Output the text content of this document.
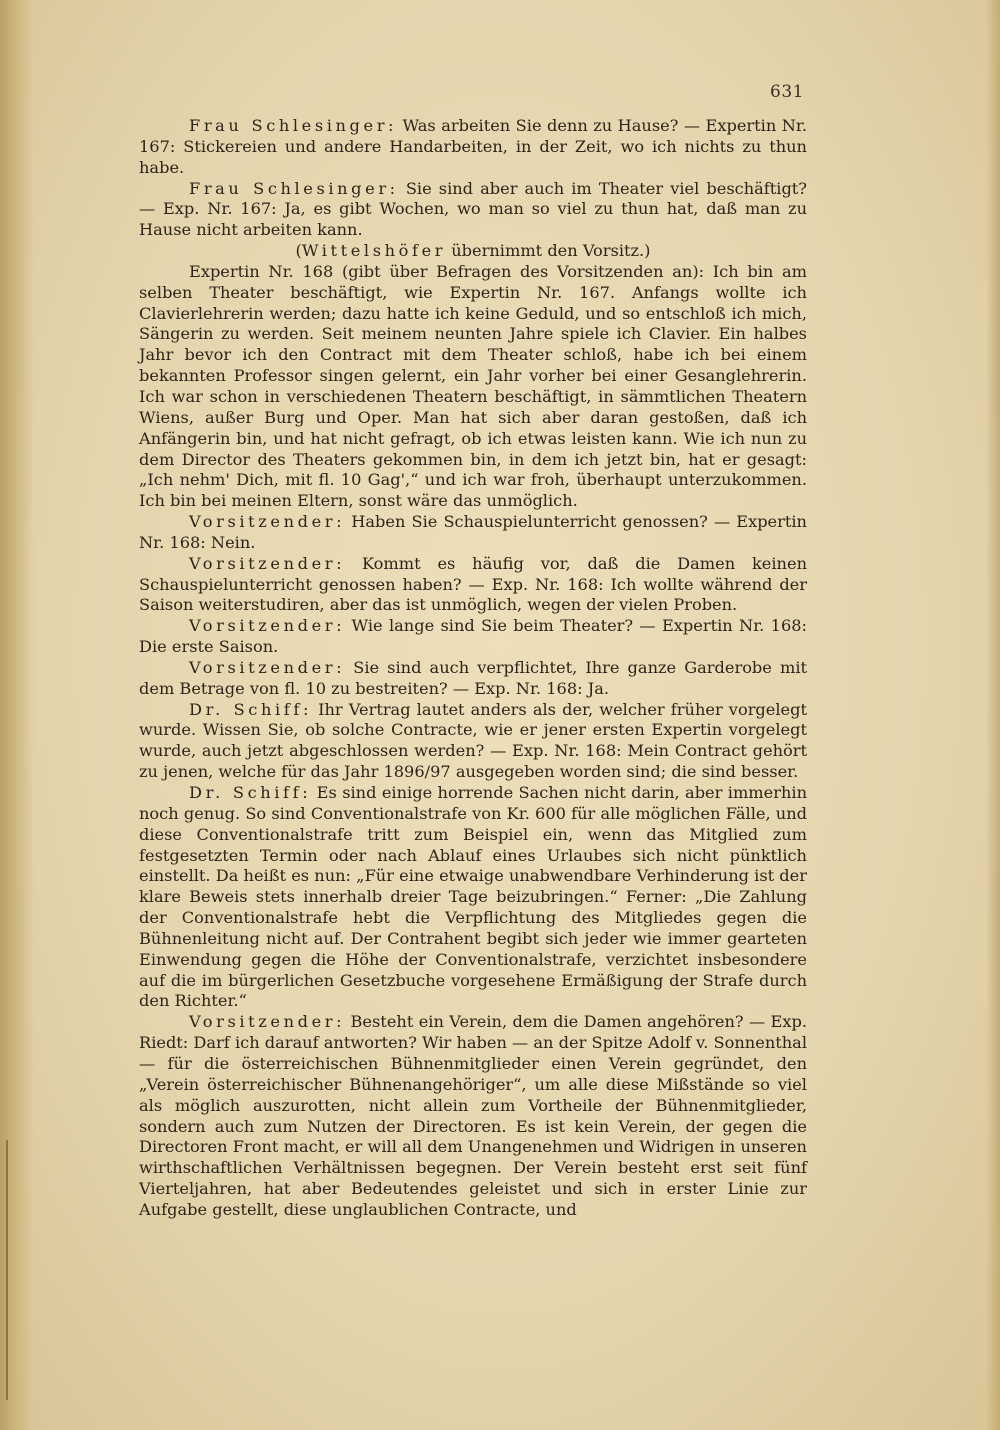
631

Frau Schlesinger: Was arbeiten Sie denn zu Hause? — Expertin Nr. 167: Stickereien und andere Handarbeiten, in der Zeit, wo ich nichts zu thun habe.

Frau Schlesinger: Sie sind aber auch im Theater viel beschäftigt? — Exp. Nr. 167: Ja, es gibt Wochen, wo man so viel zu thun hat, daß man zu Hause nicht arbeiten kann.

(Wittelshöfer übernimmt den Vorsitz.)

Expertin Nr. 168 (gibt über Befragen des Vorsitzenden an): Ich bin am selben Theater beschäftigt, wie Expertin Nr. 167. Anfangs wollte ich Clavierlehrerin werden; dazu hatte ich keine Geduld, und so entschloß ich mich, Sängerin zu werden. Seit meinem neunten Jahre spiele ich Clavier. Ein halbes Jahr bevor ich den Contract mit dem Theater schloß, habe ich bei einem bekannten Professor singen gelernt, ein Jahr vorher bei einer Gesanglehrerin. Ich war schon in verschiedenen Theatern beschäftigt, in sämmtlichen Theatern Wiens, außer Burg und Oper. Man hat sich aber daran gestoßen, daß ich Anfängerin bin, und hat nicht gefragt, ob ich etwas leisten kann. Wie ich nun zu dem Director des Theaters gekommen bin, in dem ich jetzt bin, hat er gesagt: „Ich nehm' Dich, mit fl. 10 Gag',“ und ich war froh, überhaupt unterzukommen. Ich bin bei meinen Eltern, sonst wäre das unmöglich.

Vorsitzender: Haben Sie Schauspielunterricht genossen? — Expertin Nr. 168: Nein.

Vorsitzender: Kommt es häufig vor, daß die Damen keinen Schauspielunterricht genossen haben? — Exp. Nr. 168: Ich wollte während der Saison weiterstudiren, aber das ist unmöglich, wegen der vielen Proben.

Vorsitzender: Wie lange sind Sie beim Theater? — Expertin Nr. 168: Die erste Saison.

Vorsitzender: Sie sind auch verpflichtet, Ihre ganze Garderobe mit dem Betrage von fl. 10 zu bestreiten? — Exp. Nr. 168: Ja.

Dr. Schiff: Ihr Vertrag lautet anders als der, welcher früher vorgelegt wurde. Wissen Sie, ob solche Contracte, wie er jener ersten Expertin vorgelegt wurde, auch jetzt abgeschlossen werden? — Exp. Nr. 168: Mein Contract gehört zu jenen, welche für das Jahr 1896/97 ausgegeben worden sind; die sind besser.

Dr. Schiff: Es sind einige horrende Sachen nicht darin, aber immerhin noch genug. So sind Conventionalstrafe von Kr. 600 für alle möglichen Fälle, und diese Conventionalstrafe tritt zum Beispiel ein, wenn das Mitglied zum festgesetzten Termin oder nach Ablauf eines Urlaubes sich nicht pünktlich einstellt. Da heißt es nun: „Für eine etwaige unabwendbare Verhinderung ist der klare Beweis stets innerhalb dreier Tage beizubringen.“ Ferner: „Die Zahlung der Conventionalstrafe hebt die Verpflichtung des Mitgliedes gegen die Bühnenleitung nicht auf. Der Contrahent begibt sich jeder wie immer gearteten Einwendung gegen die Höhe der Conventionalstrafe, verzichtet insbesondere auf die im bürgerlichen Gesetzbuche vorgesehene Ermäßigung der Strafe durch den Richter.“

Vorsitzender: Besteht ein Verein, dem die Damen angehören? — Exp. Riedt: Darf ich darauf antworten? Wir haben — an der Spitze Adolf v. Sonnenthal — für die österreichischen Bühnenmitglieder einen Verein gegründet, den „Verein österreichischer Bühnenangehöriger“, um alle diese Mißstände so viel als möglich auszurotten, nicht allein zum Vortheile der Bühnenmitglieder, sondern auch zum Nutzen der Directoren. Es ist kein Verein, der gegen die Directoren Front macht, er will all dem Unangenehmen und Widrigen in unseren wirthschaftlichen Verhältnissen begegnen. Der Verein besteht erst seit fünf Vierteljahren, hat aber Bedeutendes geleistet und sich in erster Linie zur Aufgabe gestellt, diese unglaublichen Contracte, und
